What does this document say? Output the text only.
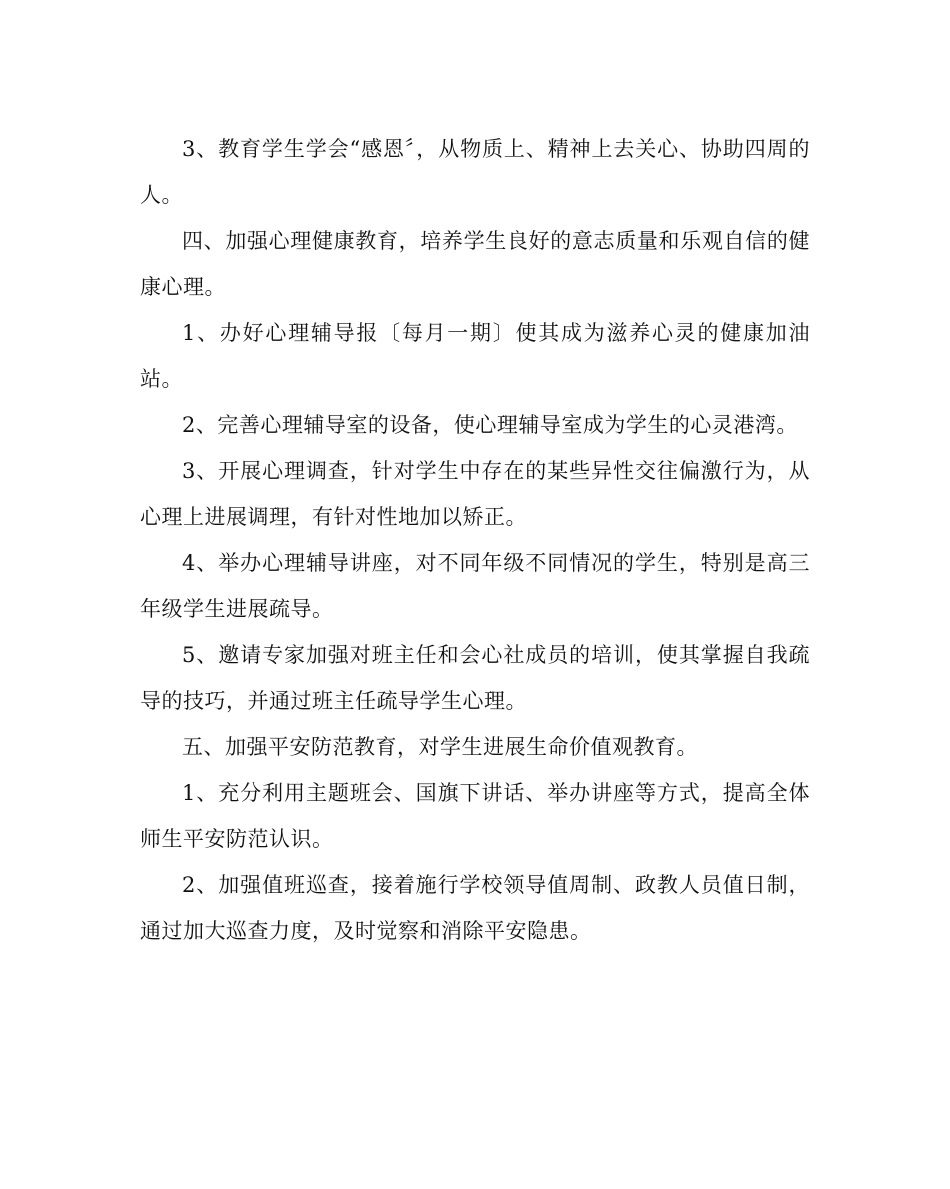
3、教育学生学会“感恩〞，从物质上、精神上去关心、协助四周的人。

四、加强心理健康教育，培养学生良好的意志质量和乐观自信的健康心理。

1、办好心理辅导报〔每月一期〕使其成为滋养心灵的健康加油站。

2、完善心理辅导室的设备，使心理辅导室成为学生的心灵港湾。

3、开展心理调查，针对学生中存在的某些异性交往偏激行为，从心理上进展调理，有针对性地加以矫正。

4、举办心理辅导讲座，对不同年级不同情况的学生，特别是高三年级学生进展疏导。

5、邀请专家加强对班主任和会心社成员的培训，使其掌握自我疏导的技巧，并通过班主任疏导学生心理。

五、加强平安防范教育，对学生进展生命价值观教育。

1、充分利用主题班会、国旗下讲话、举办讲座等方式，提高全体师生平安防范认识。

2、加强值班巡查，接着施行学校领导值周制、政教人员值日制，通过加大巡查力度，及时觉察和消除平安隐患。
